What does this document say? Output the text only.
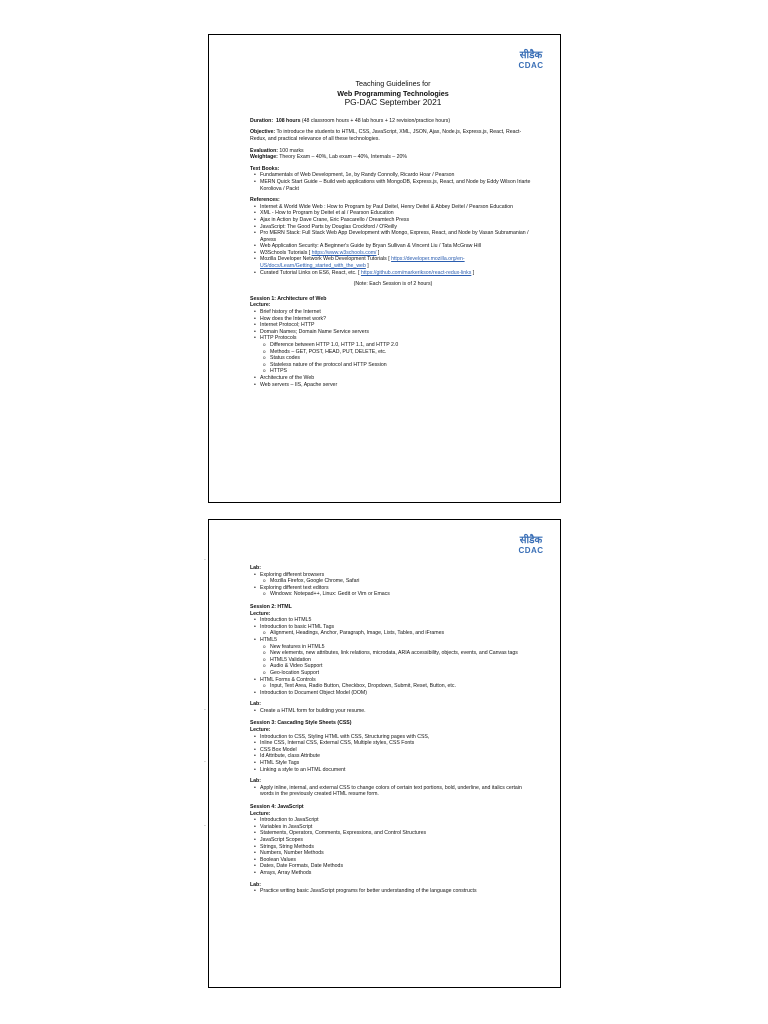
सीडैक
CDAC
Teaching Guidelines for
Web Programming Technologies
PG-DAC September 2021

Duration: 108 hours (48 classroom hours + 48 lab hours + 12 revision/practice hours)

Objective: To introduce the students to HTML, CSS, JavaScript, XML, JSON, Ajax, Node.js, Express.js, React, React-Redux, and practical relevance of all these technologies.

Evaluation: 100 marks

Weightage: Theory Exam – 40%, Lab exam – 40%, Internals – 20%

Text Books:
• Fundamentals of Web Development, 1e, by Randy Connolly, Ricardo Hoar / Pearson
• MERN Quick Start Guide – Build web applications with MongoDB, Express.js, React, and Node by Eddy Wilson Iriarte Koroliova / Packt
References:
• Internet & World Wide Web : How to Program by Paul Deitel, Henry Deitel & Abbey Deitel / Pearson Education
• XML - How to Program by Deitel et al / Pearson Education
• Ajax in Action by Dave Crane, Eric Pascarello / Dreamtech Press
• JavaScript: The Good Parts by Douglas Crockford / O'Reilly
• Pro MERN Stack: Full Stack Web App Development with Mongo, Express, React, and Node by Vasan Subramanian / Apress
• Web Application Security: A Beginner's Guide by Bryan Sullivan & Vincent Liu / Tata McGraw Hill
• W3Schools Tutorials [ https://www.w3schools.com/ ]
• Mozilla Developer Network Web Development Tutorials [ https://developer.mozilla.org/en-US/docs/Learn/Getting_started_with_the_web ]
• Curated Tutorial Links on ES6, React, etc. [ https://github.com/markerikson/react-redux-links ]
(Note: Each Session is of 2 hours)
Session 1: Architecture of Web
Lecture:
• Brief history of the Internet
• How does the Internet work?
• Internet Protocol; HTTP
• Domain Names; Domain Name Service servers
• HTTP Protocols
o Difference between HTTP 1.0, HTTP 1.1, and HTTP 2.0
o Methods – GET, POST, HEAD, PUT, DELETE, etc.
o Status codes
o Stateless nature of the protocol and HTTP Session
o HTTPS
• Architecture of the Web
• Web servers – IIS, Apache server
`
`
`
`
सीडैक
CDAC
Lab:
• Exploring different browsers
o Mozilla Firefox, Google Chrome, Safari
• Exploring different text editors
o Windows: Notepad++, Linux: Gedit or Vim or Emacs
Session 2: HTML
Lecture:
• Introduction to HTML5
• Introduction to basic HTML Tags
o Alignment, Headings, Anchor, Paragraph, Image, Lists, Tables, and iFrames
• HTML5
o New features in HTML5
o New elements, new attributes, link relations, microdata, ARIA accessibility, objects, events, and Canvas tags
o HTML5 Validation
o Audio & Video Support
o Geo-location Support
• HTML Forms & Controls
o Input, Text Area, Radio Button, Checkbox, Dropdown, Submit, Reset, Button, etc.
• Introduction to Document Object Model (DOM)
Lab:
• Create a HTML form for building your resume.
Session 3: Cascading Style Sheets (CSS)
Lecture:
• Introduction to CSS, Styling HTML with CSS, Structuring pages with CSS,
• Inline CSS, Internal CSS, External CSS, Multiple styles, CSS Fonts
• CSS Box Model
• Id Attribute, class Attribute
• HTML Style Tags
• Linking a style to an HTML document
Lab:
• Apply inline, internal, and external CSS to change colors of certain text portions, bold, underline, and italics certain words in the previously created HTML resume form.
Session 4: JavaScript
Lecture:
• Introduction to JavaScript
• Variables in JavaScript
• Statements, Operators, Comments, Expressions, and Control Structures
• JavaScript Scopes
• Strings, String Methods
• Numbers, Number Methods
• Boolean Values
• Dates, Date Formats, Date Methods
• Arrays, Array Methods
Lab:
• Practice writing basic JavaScript programs for better understanding of the language constructs
